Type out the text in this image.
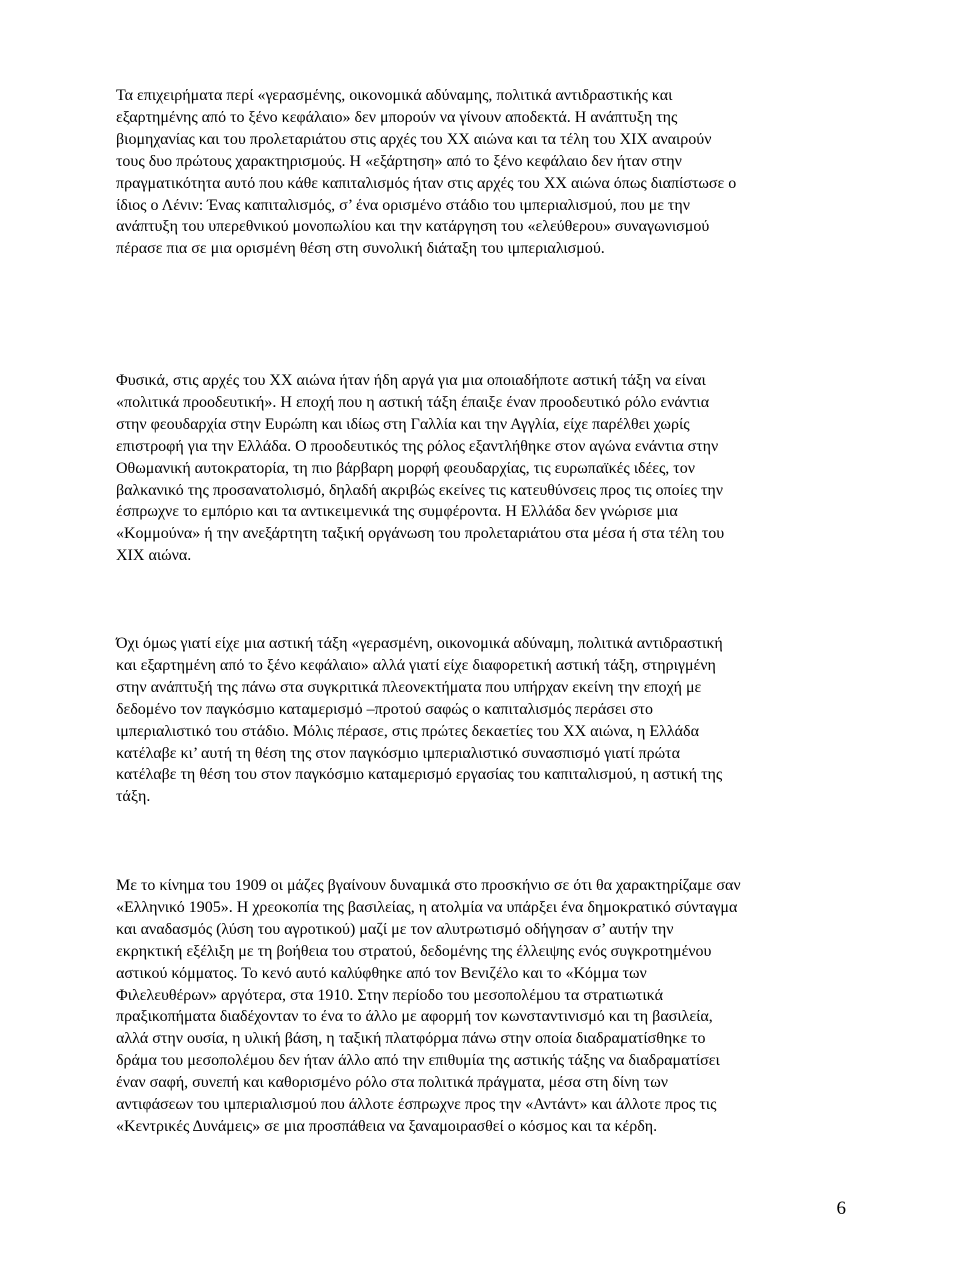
Τα επιχειρήματα περί «γερασμένης, οικονομικά αδύναμης, πολιτικά αντιδραστικής και
εξαρτημένης από το ξένο κεφάλαιο» δεν μπορούν να γίνουν αποδεκτά. Η ανάπτυξη της
βιομηχανίας και του προλεταριάτου στις αρχές του XX αιώνα και τα τέλη του XIX αναιρούν
τους δυο πρώτους χαρακτηρισμούς. Η «εξάρτηση» από το ξένο κεφάλαιο δεν ήταν στην
πραγματικότητα αυτό που κάθε καπιταλισμός ήταν στις αρχές του XX αιώνα όπως διαπίστωσε ο
ίδιος ο Λένιν: Ένας καπιταλισμός, σ’ ένα ορισμένο στάδιο του ιμπεριαλισμού, που με την
ανάπτυξη του υπερεθνικού μονοπωλίου και την κατάργηση του «ελεύθερου» συναγωνισμού
πέρασε πια σε μια ορισμένη θέση στη συνολική διάταξη του ιμπεριαλισμού.

Φυσικά, στις αρχές του XX αιώνα ήταν ήδη αργά για μια οποιαδήποτε αστική τάξη να είναι
«πολιτικά προοδευτική». Η εποχή που η αστική τάξη έπαιξε έναν προοδευτικό ρόλο ενάντια
στην φεουδαρχία στην Ευρώπη και ιδίως στη Γαλλία και την Αγγλία, είχε παρέλθει χωρίς
επιστροφή για την Ελλάδα. Ο προοδευτικός της ρόλος εξαντλήθηκε στον αγώνα ενάντια στην
Οθωμανική αυτοκρατορία, τη πιο βάρβαρη μορφή φεουδαρχίας, τις ευρωπαϊκές ιδέες, τον
βαλκανικό της προσανατολισμό, δηλαδή ακριβώς εκείνες τις κατευθύνσεις προς τις οποίες την
έσπρωχνε το εμπόριο και τα αντικειμενικά της συμφέροντα. Η Ελλάδα δεν γνώρισε μια
«Κομμούνα» ή την ανεξάρτητη ταξική οργάνωση του προλεταριάτου στα μέσα ή στα τέλη του
XIX αιώνα.

Όχι όμως γιατί είχε μια αστική τάξη «γερασμένη, οικονομικά αδύναμη, πολιτικά αντιδραστική
και εξαρτημένη από το ξένο κεφάλαιο» αλλά γιατί είχε διαφορετική αστική τάξη, στηριγμένη
στην ανάπτυξή της πάνω στα συγκριτικά πλεονεκτήματα που υπήρχαν εκείνη την εποχή με
δεδομένο τον παγκόσμιο καταμερισμό –προτού σαφώς ο καπιταλισμός περάσει στο
ιμπεριαλιστικό του στάδιο. Μόλις πέρασε, στις πρώτες δεκαετίες του XX αιώνα, η Ελλάδα
κατέλαβε κι’ αυτή τη θέση της στον παγκόσμιο ιμπεριαλιστικό συνασπισμό γιατί πρώτα
κατέλαβε τη θέση του στον παγκόσμιο καταμερισμό εργασίας του καπιταλισμού, η αστική της
τάξη.

Με το κίνημα του 1909 οι μάζες βγαίνουν δυναμικά στο προσκήνιο σε ότι θα χαρακτηρίζαμε σαν
«Ελληνικό 1905». Η χρεοκοπία της βασιλείας, η ατολμία να υπάρξει ένα δημοκρατικό σύνταγμα
και αναδασμός (λύση του αγροτικού) μαζί με τον αλυτρωτισμό οδήγησαν σ’ αυτήν την
εκρηκτική εξέλιξη με τη βοήθεια του στρατού, δεδομένης της έλλειψης ενός συγκροτημένου
αστικού κόμματος. Το κενό αυτό καλύφθηκε από τον Βενιζέλο και το «Κόμμα των
Φιλελευθέρων» αργότερα, στα 1910. Στην περίοδο του μεσοπολέμου τα στρατιωτικά
πραξικοπήματα διαδέχονταν το ένα το άλλο με αφορμή τον κωνσταντινισμό και τη βασιλεία,
αλλά στην ουσία, η υλική βάση, η ταξική πλατφόρμα πάνω στην οποία διαδραματίσθηκε το
δράμα του μεσοπολέμου δεν ήταν άλλο από την επιθυμία της αστικής τάξης να διαδραματίσει
έναν σαφή, συνεπή και καθορισμένο ρόλο στα πολιτικά πράγματα, μέσα στη δίνη των
αντιφάσεων του ιμπεριαλισμού που άλλοτε έσπρωχνε προς την «Αντάντ» και άλλοτε προς τις
«Κεντρικές Δυνάμεις» σε μια προσπάθεια να ξαναμοιρασθεί ο κόσμος και τα κέρδη.

6
